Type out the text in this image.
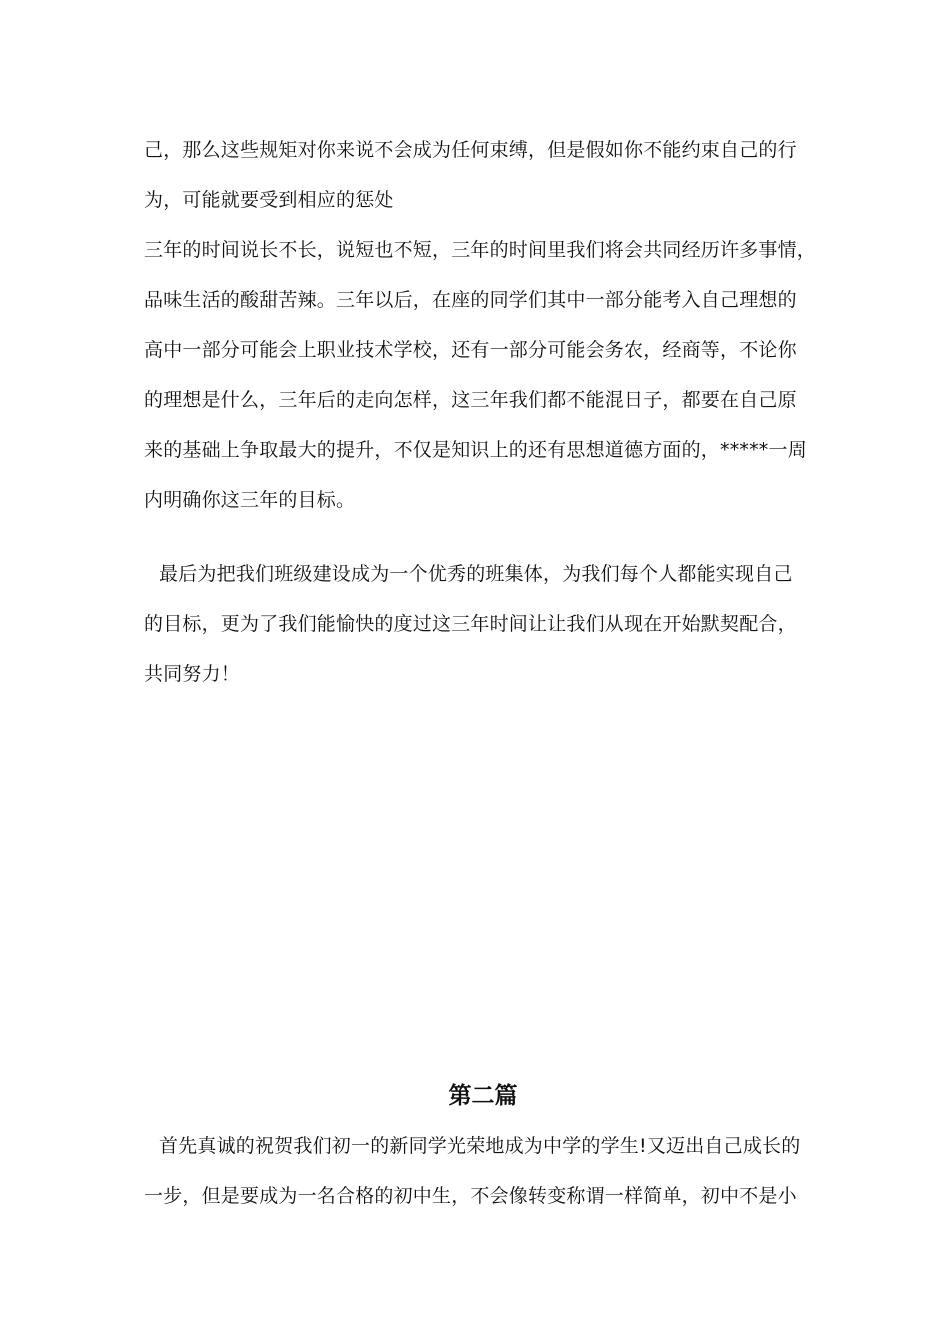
己，那么这些规矩对你来说不会成为任何束缚，但是假如你不能约束自己的行
为，可能就要受到相应的惩处
三年的时间说长不长，说短也不短，三年的时间里我们将会共同经历许多事情，
品味生活的酸甜苦辣。三年以后，在座的同学们其中一部分能考入自己理想的
高中一部分可能会上职业技术学校，还有一部分可能会务农，经商等，不论你
的理想是什么，三年后的走向怎样，这三年我们都不能混日子，都要在自己原
来的基础上争取最大的提升，不仅是知识上的还有思想道德方面的，*****一周
内明确你这三年的目标。
最后为把我们班级建设成为一个优秀的班集体，为我们每个人都能实现自己
的目标，更为了我们能愉快的度过这三年时间让让我们从现在开始默契配合，
共同努力！
第二篇
首先真诚的祝贺我们初一的新同学光荣地成为中学的学生!又迈出自己成长的
一步，但是要成为一名合格的初中生，不会像转变称谓一样简单，初中不是小
